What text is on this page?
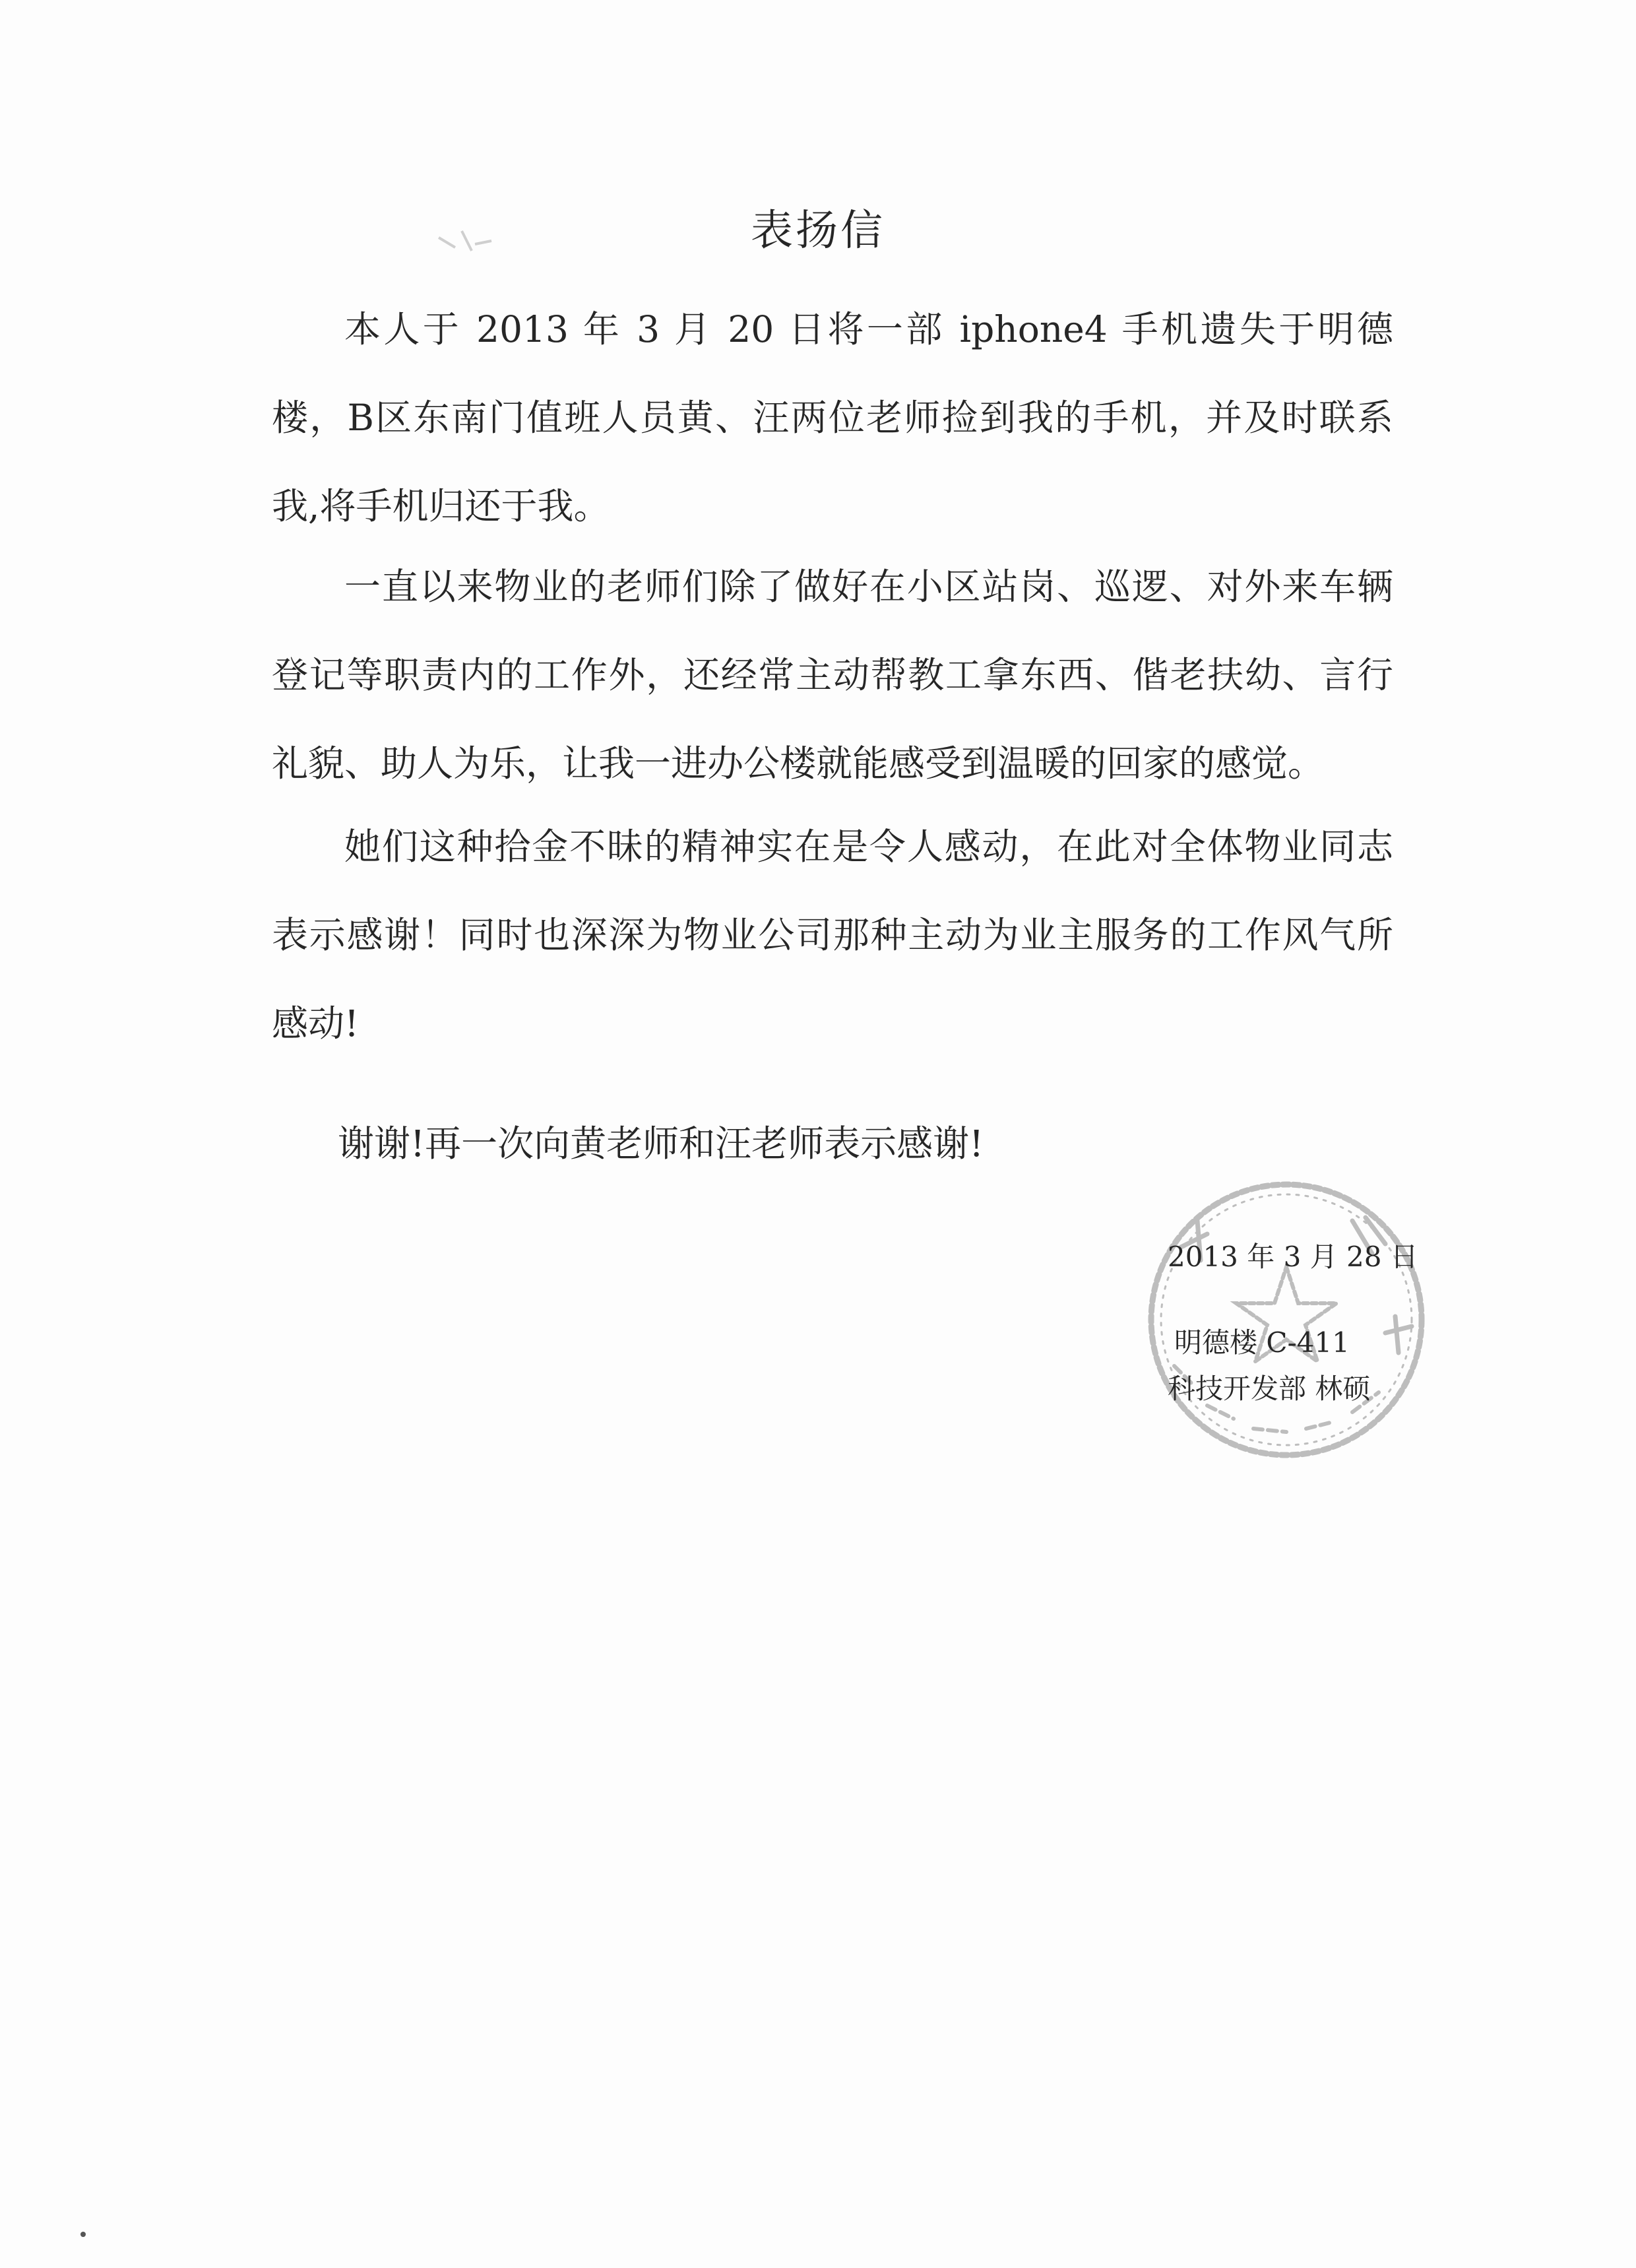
表扬信

本人于 2013 年 3 月 20 日将一部 iphone4 手机遗失于明德楼，B区东南门值班人员黄、汪两位老师捡到我的手机，并及时联系我,将手机归还于我。

一直以来物业的老师们除了做好在小区站岗、巡逻、对外来车辆登记等职责内的工作外，还经常主动帮教工拿东西、偕老扶幼、言行礼貌、助人为乐，让我一进办公楼就能感受到温暖的回家的感觉。

她们这种拾金不昧的精神实在是令人感动，在此对全体物业同志表示感谢！同时也深深为物业公司那种主动为业主服务的工作风气所感动!

谢谢!再一次向黄老师和汪老师表示感谢!
2013 年 3 月 28 日
明德楼 C-411
科技开发部 林硕
